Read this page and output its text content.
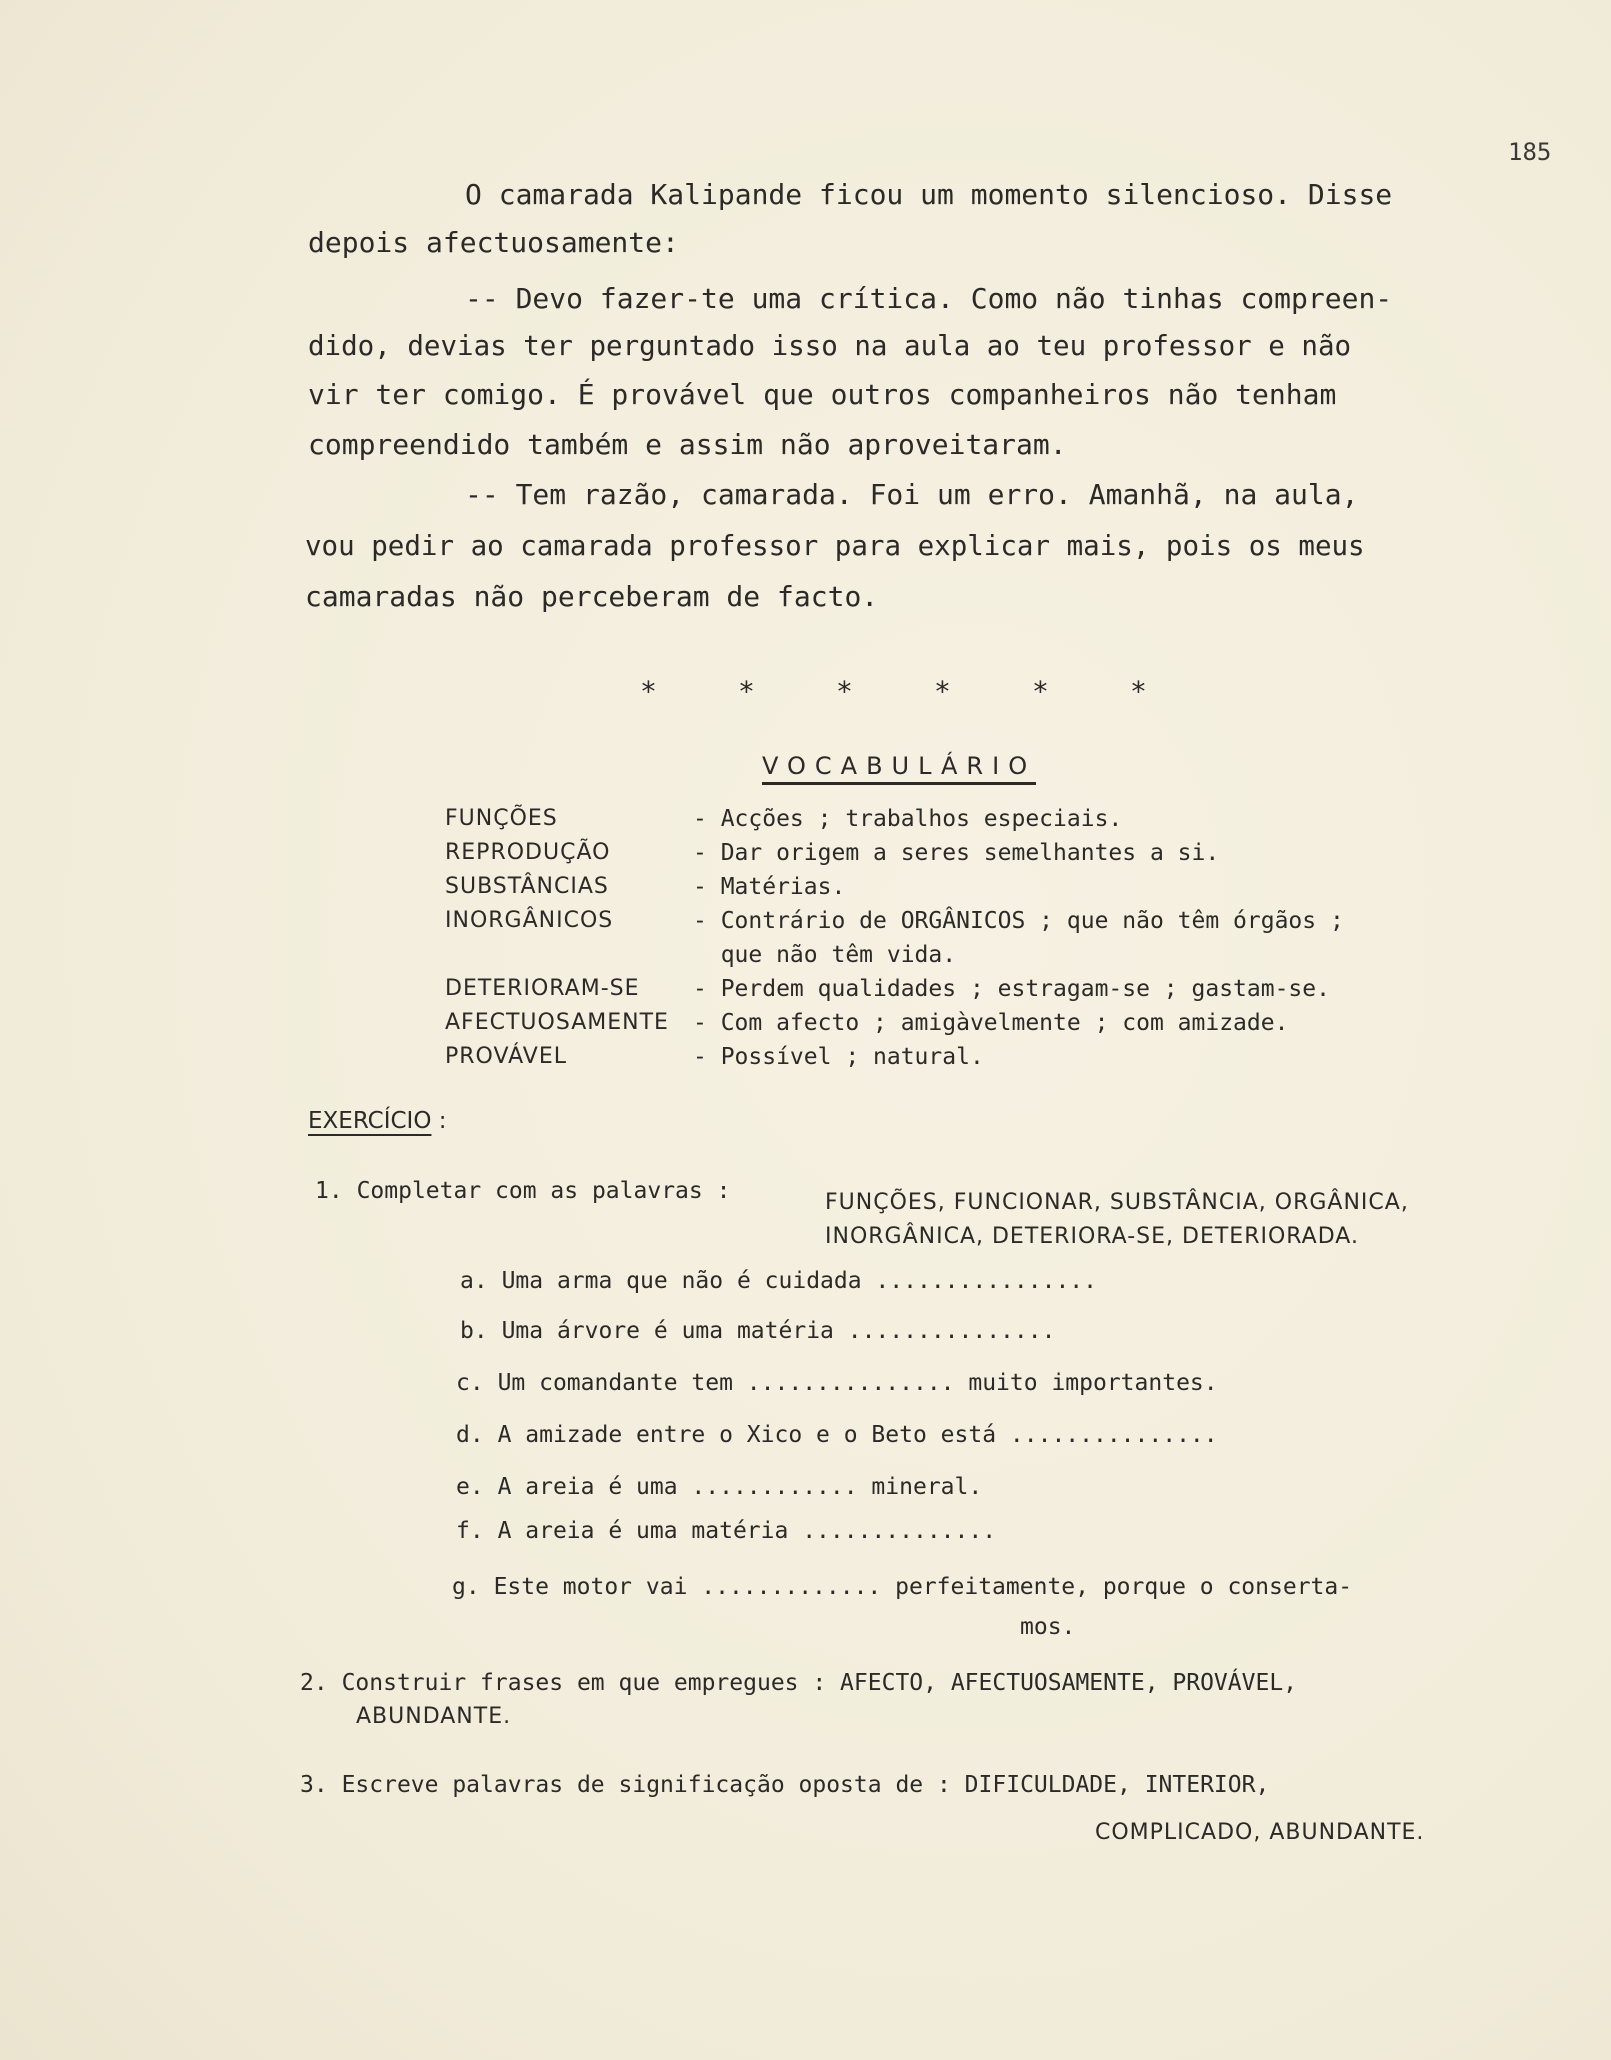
185
O camarada Kalipande ficou um momento silencioso. Disse
depois afectuosamente:
-- Devo fazer-te uma crítica. Como não tinhas compreen-
dido, devias ter perguntado isso na aula ao teu professor e não
vir ter comigo. É provável que outros companheiros não tenham
compreendido também e assim não aproveitaram.
-- Tem razão, camarada. Foi um erro. Amanhã, na aula,
vou pedir ao camarada professor para explicar mais, pois os meus
camaradas não perceberam de facto.
*	*	*	*	*	*
VOCABULÁRIO
FUNÇÕES	- Acções ; trabalhos especiais.
REPRODUÇÃO	- Dar origem a seres semelhantes a si.
SUBSTÂNCIAS	- Matérias.
INORGÂNICOS	- Contrário de ORGÂNICOS ; que não têm órgãos ;
que não têm vida.
DETERIORAM-SE - Perdem qualidades ; estragam-se ; gastam-se.
AFECTUOSAMENTE - Com afecto ; amigàvelmente ; com amizade.
PROVÁVEL	- Possível ; natural.
EXERCÍCIO :
1. Completar com as palavras :	FUNÇÕES, FUNCIONAR, SUBSTÂNCIA, ORGÂNICA,
INORGÂNICA, DETERIORA-SE, DETERIORADA.
a. Uma arma que não é cuidada ................
b. Uma árvore é uma matéria ...............
c. Um comandante tem ............... muito importantes.
d. A amizade entre o Xico e o Beto está ...............
e. A areia é uma ............ mineral.
f. A areia é uma matéria ..............
g. Este motor vai ............. perfeitamente, porque o conserta-
mos.
2. Construir frases em que empregues : AFECTO, AFECTUOSAMENTE, PROVÁVEL,
ABUNDANTE.
3. Escreve palavras de significação oposta de : DIFICULDADE, INTERIOR,
COMPLICADO, ABUNDANTE.
